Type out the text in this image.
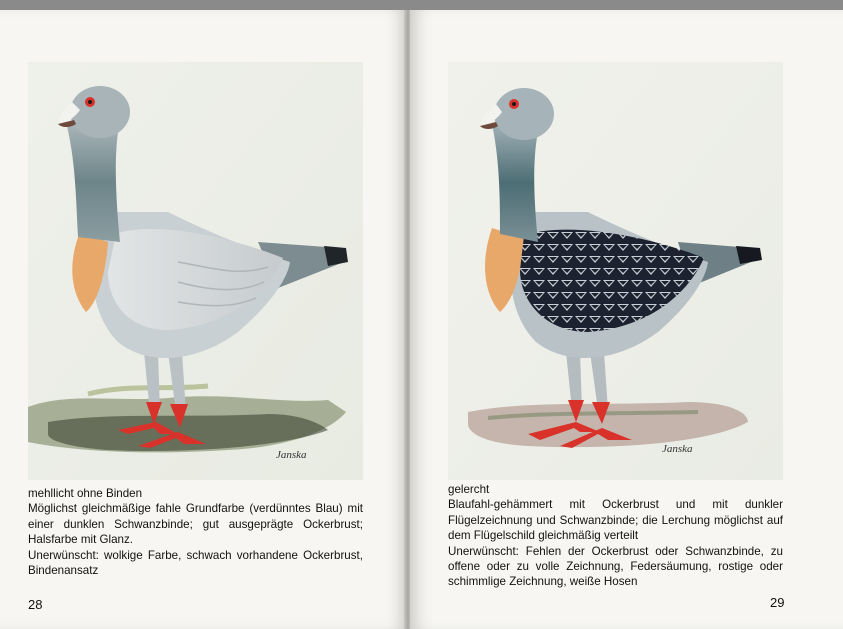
Janska

mehllicht ohne Binden

Möglichst gleichmäßige fahle Grundfarbe (verdünntes Blau) mit einer dunklen Schwanzbinde; gut ausgeprägte Ockerbrust; Halsfarbe mit Glanz.

Unerwünscht: wolkige Farbe, schwach vorhandene Ockerbrust, Bindenansatz

28
Janska

gelercht

Blaufahl-gehämmert mit Ockerbrust und mit dunkler Flügelzeichnung und Schwanzbinde; die Lerchung möglichst auf dem Flügelschild gleichmäßig verteilt

Unerwünscht: Fehlen der Ockerbrust oder Schwanzbinde, zu offene oder zu volle Zeichnung, Federsäumung, rostige oder schimmlige Zeichnung, weiße Hosen

29
